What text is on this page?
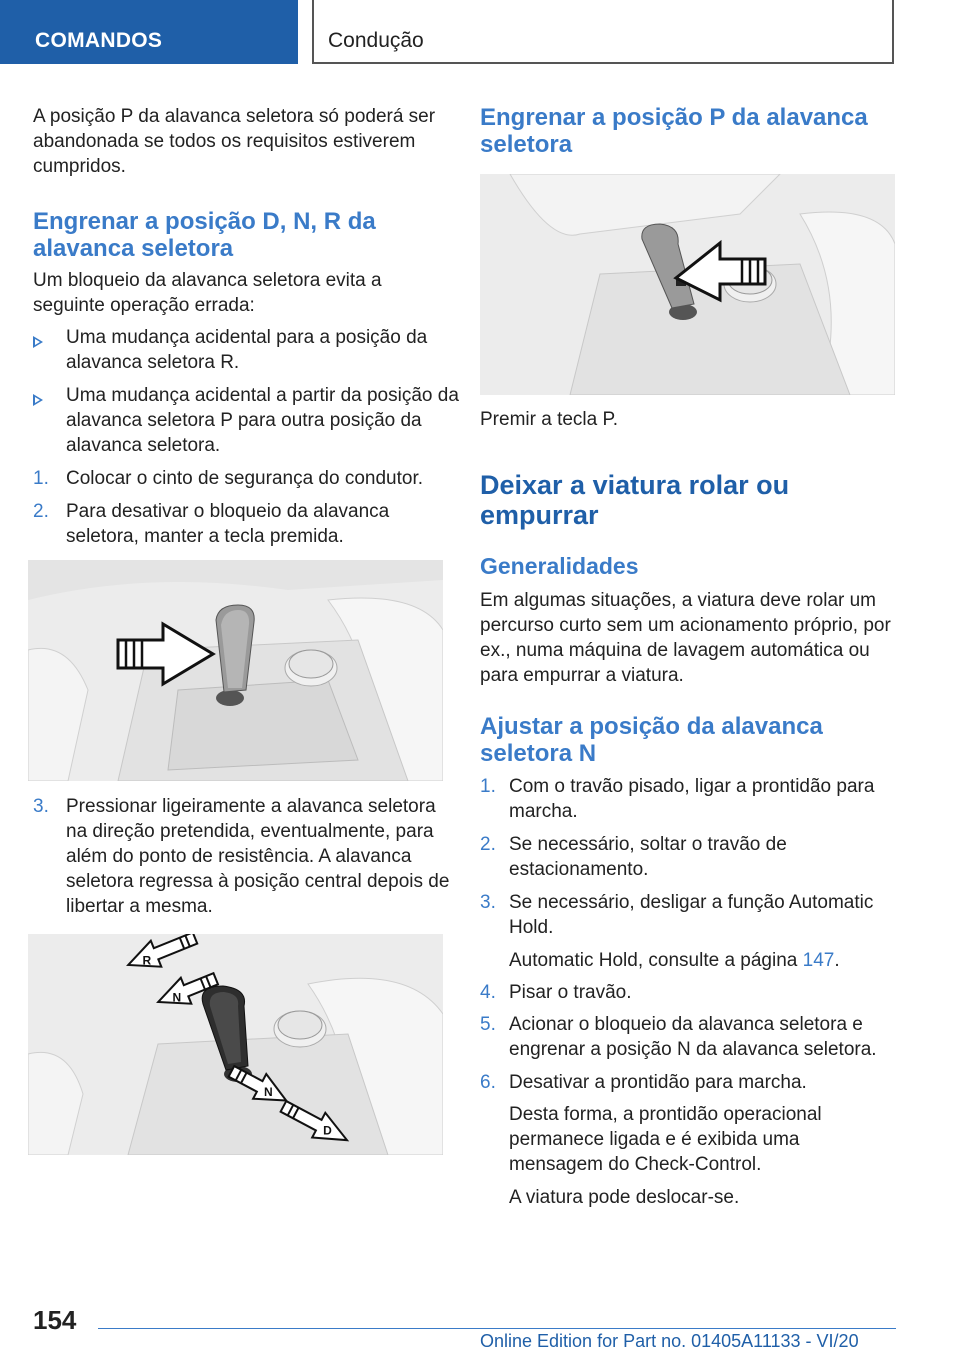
COMANDOS	Condução

A posição P da alavanca seletora só poderá ser abandonada se todos os requisitos estiverem cumpridos.

Engrenar a posição D, N, R da alavanca seletora

Um bloqueio da alavanca seletora evita a seguinte operação errada:

Uma mudança acidental para a posição da alavanca seletora R.
Uma mudança acidental a partir da posição da alavanca seletora P para outra posição da alavanca seletora.
1. Colocar o cinto de segurança do condutor.
2. Para desativar o bloqueio da alavanca seletora, manter a tecla premida.
3. Pressionar ligeiramente a alavanca seletora na direção pretendida, eventualmente, para além do ponto de resistência. A alavanca seletora regressa à posição central depois de libertar a mesma.
R
N
N
D

Engrenar a posição P da alavanca seletora

Premir a tecla P.

Deixar a viatura rolar ou empurrar

Generalidades

Em algumas situações, a viatura deve rolar um percurso curto sem um acionamento próprio, por ex., numa máquina de lavagem automática ou para empurrar a viatura.

Ajustar a posição da alavanca seletora N

1. Com o travão pisado, ligar a prontidão para marcha.
2. Se necessário, soltar o travão de estacionamento.
3. Se necessário, desligar a função Automatic Hold.
Automatic Hold, consulte a página 147.
4. Pisar o travão.
5. Acionar o bloqueio da alavanca seletora e engrenar a posição N da alavanca seletora.
6. Desativar a prontidão para marcha.
Desta forma, a prontidão operacional permanece ligada e é exibida uma mensagem do Check-Control.
A viatura pode deslocar-se.
154
Online Edition for Part no. 01405A11133 - VI/20
